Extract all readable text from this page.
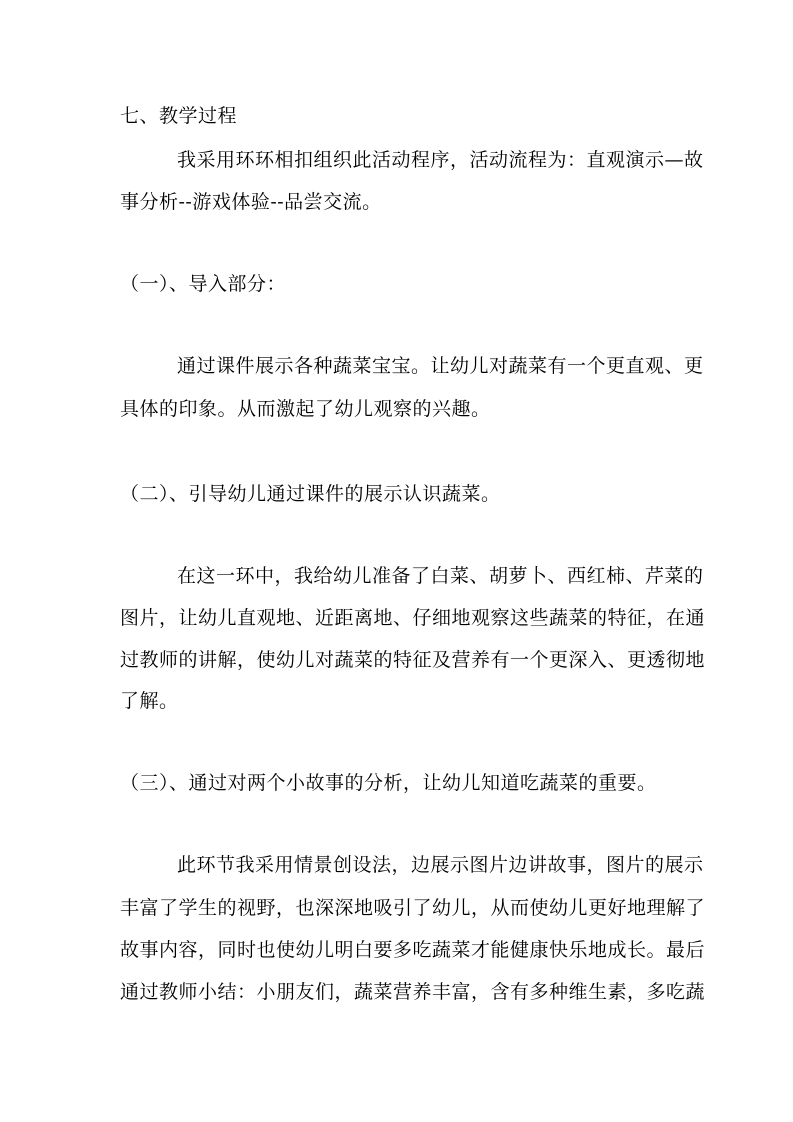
七、教学过程
我采用环环相扣组织此活动程序，活动流程为：直观演示—故
事分析--游戏体验--品尝交流。
（一）、导入部分：
通过课件展示各种蔬菜宝宝。让幼儿对蔬菜有一个更直观、更
具体的印象。从而激起了幼儿观察的兴趣。
（二）、引导幼儿通过课件的展示认识蔬菜。
在这一环中，我给幼儿准备了白菜、胡萝卜、西红柿、芹菜的
图片，让幼儿直观地、近距离地、仔细地观察这些蔬菜的特征，在通
过教师的讲解，使幼儿对蔬菜的特征及营养有一个更深入、更透彻地
了解。
（三）、通过对两个小故事的分析，让幼儿知道吃蔬菜的重要。
此环节我采用情景创设法，边展示图片边讲故事，图片的展示
丰富了学生的视野，也深深地吸引了幼儿，从而使幼儿更好地理解了
故事内容，同时也使幼儿明白要多吃蔬菜才能健康快乐地成长。最后
通过教师小结：小朋友们，蔬菜营养丰富，含有多种维生素，多吃蔬
